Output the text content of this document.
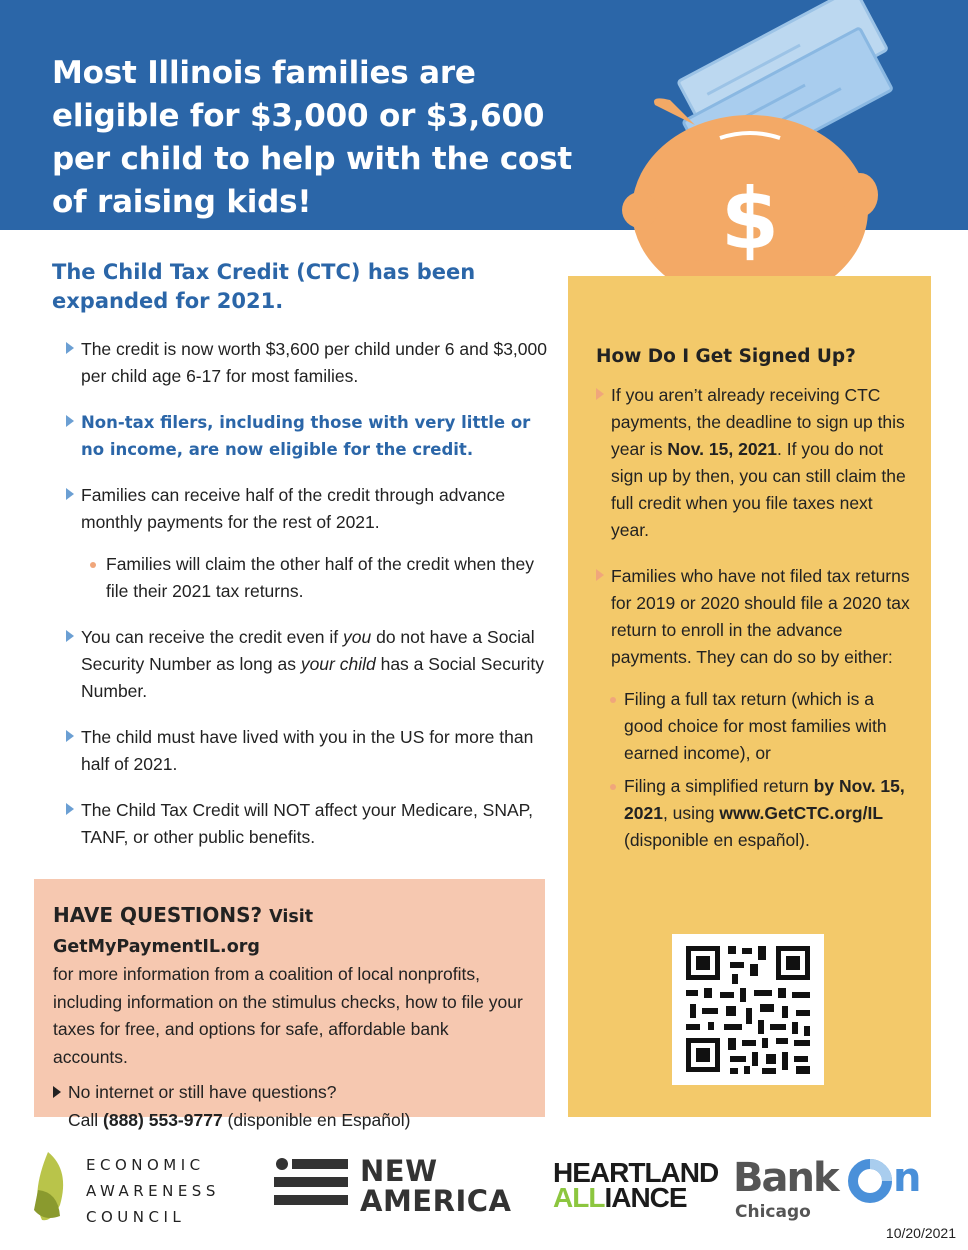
Most Illinois families are eligible for $3,000 or $3,600 per child to help with the cost of raising kids!	$
The Child Tax Credit (CTC) has been expanded for 2021.
The credit is now worth $3,600 per child under 6 and $3,000 per child age 6-17 for most families.
Non-tax filers, including those with very little or no income, are now eligible for the credit.
Families can receive half of the credit through advance monthly payments for the rest of 2021.
Families will claim the other half of the credit when they file their 2021 tax returns.
You can receive the credit even if you do not have a Social Security Number as long as your child has a Social Security Number.
The child must have lived with you in the US for more than half of 2021.
The Child Tax Credit will NOT affect your Medicare, SNAP, TANF, or other public benefits.
HAVE QUESTIONS? Visit GetMyPaymentIL.org
for more information from a coalition of local nonprofits, including information on the stimulus checks, how to file your taxes for free, and options for safe, affordable bank accounts.
No internet or still have questions?
Call (888) 553-9777 (disponible en Español)
How Do I Get Signed Up?
If you aren’t already receiving CTC payments, the deadline to sign up this year is Nov. 15, 2021. If you do not sign up by then, you can still claim the full credit when you file taxes next year.
Families who have not filed tax returns for 2019 or 2020 should file a 2020 tax return to enroll in the advance payments. They can do so by either:
Filing a full tax return (which is a good choice for most families with earned income), or
Filing a simplified return by Nov. 15, 2021, using www.GetCTC.org/IL (disponible en español).
ECONOMIC
AWARENESS
COUNCIL
NEW
AMERICA
HEARTLAND
ALLIANCE	Bank n
Chicago
10/20/2021
